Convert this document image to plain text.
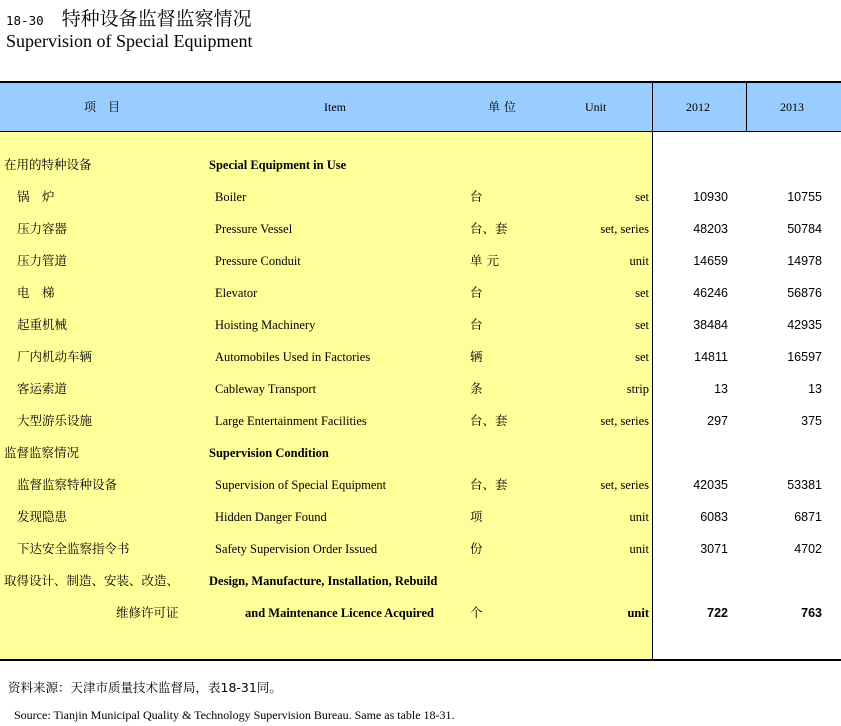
18-30 特种设备监督监察情况
Supervision of Special Equipment
项　目	Item	单 位	Unit	2012	2013
在用的特种设备	Special Equipment in Use
锅　炉	Boiler	台	set	10930	10755
压力容器	Pressure Vessel	台、套	set, series	48203	50784
压力管道	Pressure Conduit	单 元	unit	14659	14978
电　梯	Elevator	台	set	46246	56876
起重机械	Hoisting Machinery	台	set	38484	42935
厂内机动车辆	Automobiles Used in Factories	辆	set	14811	16597
客运索道	Cableway Transport	条	strip	13	13
大型游乐设施	Large Entertainment Facilities	台、套	set, series	297	375
监督监察情况	Supervision Condition
监督监察特种设备	Supervision of Special Equipment	台、套	set, series	42035	53381
发现隐患	Hidden Danger Found	项	unit	6083	6871
下达安全监察指令书	Safety Supervision Order Issued	份	unit	3071	4702
取得设计、制造、安装、改造、 Design, Manufacture, Installation, Rebuild
维修许可证	and Maintenance Licence Acquired	个	unit	722	763
资料来源：天津市质量技术监督局，表18-31同。
Source: Tianjin Municipal Quality & Technology Supervision Bureau. Same as table 18-31.
